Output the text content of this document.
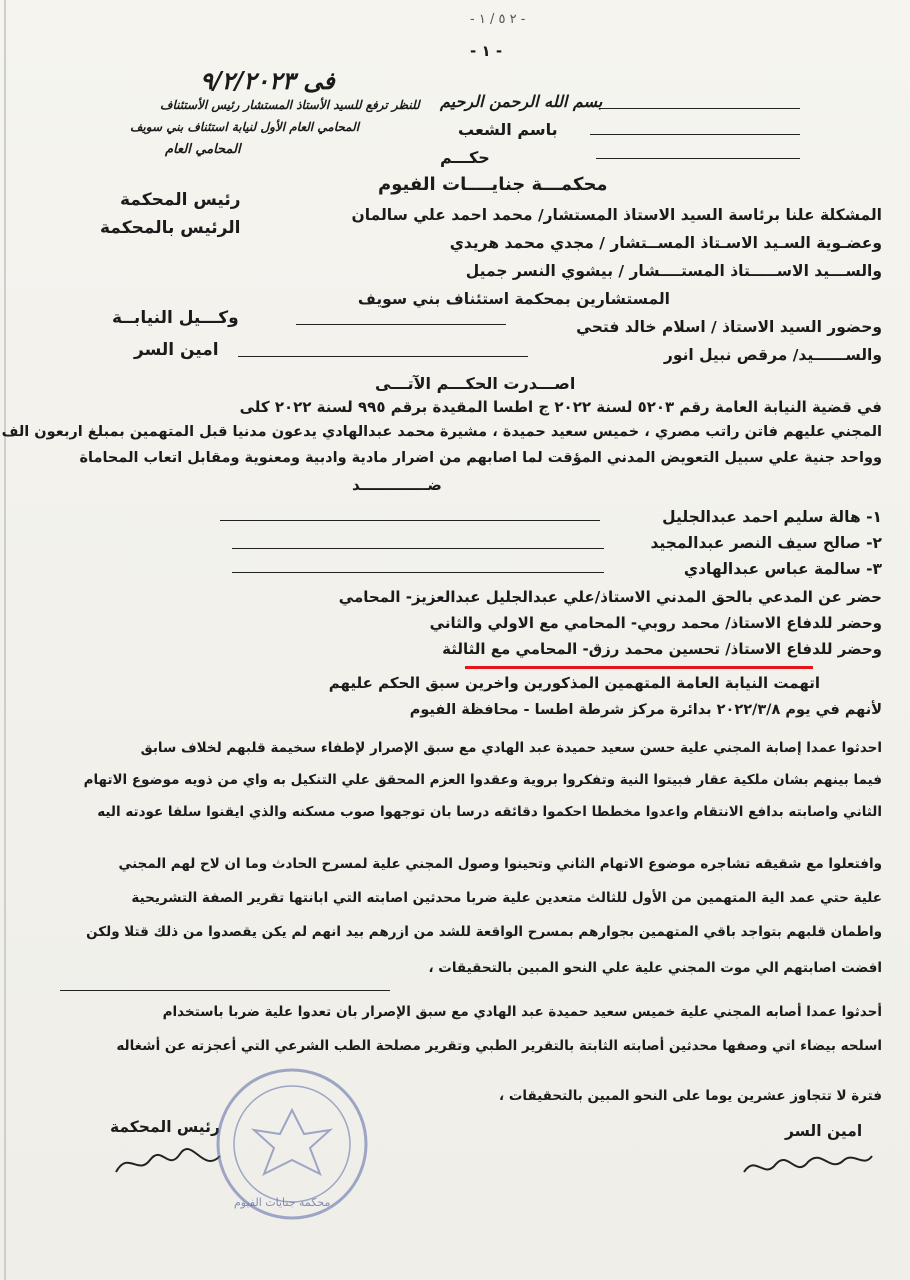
- ٢ ٥ / ١ -
- ١ -
بسم الله الرحمن الرحيم
باسم الشعب
حكـــم
محكمـــة جنايــــات الفيوم
فى ٩/٢/٢٠٢٣
للنظر ترفع للسيد الأستاذ المستشار رئيس الأستئناف
المحامي العام الأول لنيابة استئناف بني سويف
المحامي العام
رئيس المحكمة
الرئيس بالمحكمة
وكـــيل النيابــة
امين السر
المشكلة علنا برئاسة السيد الاستاذ المستشار/ محمد احمد علي سالمان
وعضـوية السـيد الاسـتاذ المســتشار / مجدي محمد هريدي
والســـيد الاســـــتاذ المستــــشار / بيشوي النسر جميل
المستشارين بمحكمة استئناف بني سويف
وحضور السيد الاستاذ / اسلام خالد فتحي
والســــــيد/ مرقص نبيل انور
اصـــدرت الحكـــم الآتـــى
في قضية النيابة العامة رقم ٥٢٠٣ لسنة ٢٠٢٢ ج اطسا المقيدة برقم ٩٩٥ لسنة ٢٠٢٢ كلى
المجني عليهم فاتن راتب مصري ، خميس سعيد حميدة ، مشيرة محمد عبدالهادي يدعون مدنيا قبل المتهمين بمبلغ اربعون الف
وواحد جنية علي سبيل التعويض المدني المؤقت لما اصابهم من اضرار مادية وادبية ومعنوية ومقابل اتعاب المحاماة
ضـــــــــــــد
١- هالة سليم احمد عبدالجليل
٢- صالح سيف النصر عبدالمجيد
٣- سالمة عباس عبدالهادي
حضر عن المدعي بالحق المدني الاستاذ/علي عبدالجليل عبدالعزيز- المحامي
وحضر للدفاع الاستاذ/ محمد روبي- المحامي مع الاولي والثاني
وحضر للدفاع الاستاذ/ تحسين محمد رزق- المحامي مع الثالثة
اتهمت النيابة العامة المتهمين المذكورين واخرين سبق الحكم عليهم
لأنهم في يوم ٢٠٢٢/٣/٨ بدائرة مركز شرطة اطسا - محافظة الفيوم
احدثوا عمدا إصابة المجني علية حسن سعيد حميدة عبد الهادي مع سبق الإصرار لإطفاء سخيمة قلبهم لخلاف سابق
فيما بينهم بشان ملكية عقار فبيتوا النية وتفكروا بروية وعقدوا العزم المحقق علي التنكيل به واي من ذويه موضوع الاتهام
الثاني واصابته بدافع الانتقام واعدوا مخططا احكموا دقائقه درسا بان توجهوا صوب مسكنه والذي ايقنوا سلفا عودته اليه
وافتعلوا مع شقيقه تشاجره موضوع الاتهام الثاني وتحينوا وصول المجني علية لمسرح الحادث وما ان لاح لهم المجني
علية حتي عمد الية المتهمين من الأول للثالث متعدين علية ضربا محدثين اصابته التي ابانتها تقرير الصفة التشريحية
واطمان قلبهم بتواجد باقي المتهمين بجوارهم بمسرح الواقعة للشد من ازرهم بيد انهم لم يكن يقصدوا من ذلك قتلا ولكن
افضت اصابتهم الي موت المجني علية علي النحو المبين بالتحقيقات ،
أحدثوا عمدا أصابه المجني علية خميس سعيد حميدة عبد الهادي مع سبق الإصرار بان تعدوا علية ضربا باستخدام
اسلحه بيضاء اتي وصفها محدثين أصابته الثابتة بالتقرير الطبي وتقرير مصلحة الطب الشرعي التي أعجزته عن أشغاله
فترة لا تتجاوز عشرين يوما على النحو المبين بالتحقيقات ،
رئيس المحكمة	امين السر
محكمة جنايات الفيوم
